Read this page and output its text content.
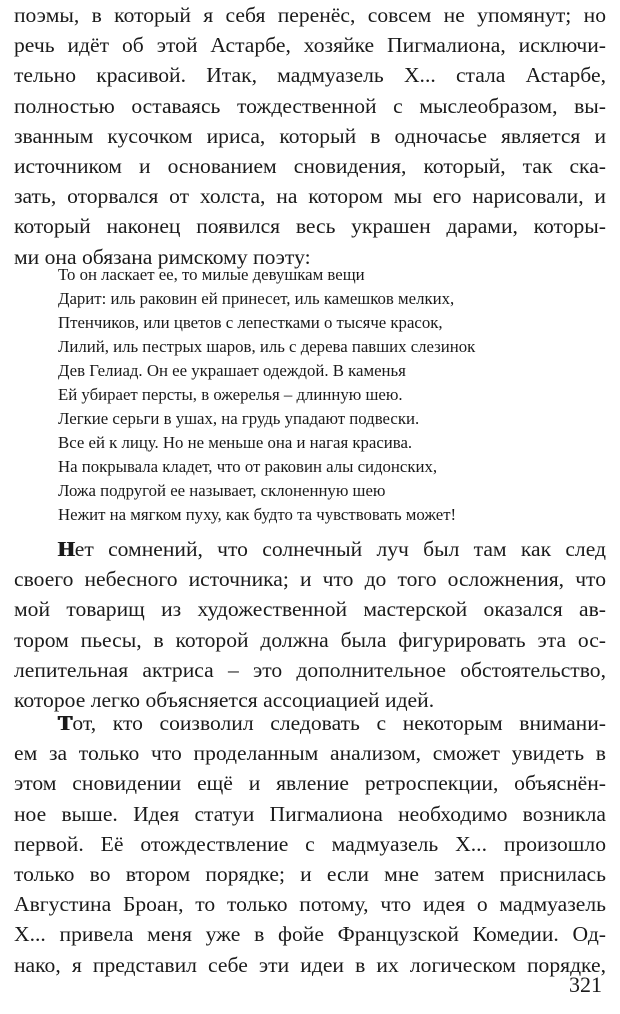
поэмы, в который я себя перенёс, совсем не упомянут; но
речь идёт об этой Астарбе, хозяйке Пигмалиона, исключи-
тельно красивой. Итак, мадмуазель Х... стала Астарбе,
полностью оставаясь тождественной с мыслеобразом, вы-
званным кусочком ириса, который в одночасье является и
источником и основанием сновидения, который, так ска-
зать, оторвался от холста, на котором мы его нарисовали, и
который наконец появился весь украшен дарами, которы-
ми она обязана римскому поэту:
То он ласкает ее, то милые девушкам вещи
Дарит: иль раковин ей принесет, иль камешков мелких,
Птенчиков, или цветов с лепестками о тысяче красок,
Лилий, иль пестрых шаров, иль с дерева павших слезинок
Дев Гелиад. Он ее украшает одеждой. В каменья
Ей убирает персты, в ожерелья – длинную шею.
Легкие серьги в ушах, на грудь упадают подвески.
Все ей к лицу. Но не меньше она и нагая красива.
На покрывала кладет, что от раковин алы сидонских,
Ложа подругой ее называет, склоненную шею
Нежит на мягком пуху, как будто та чувствовать может!
Нет сомнений, что солнечный луч был там как след
своего небесного источника; и что до того осложнения, что
мой товарищ из художественной мастерской оказался ав-
тором пьесы, в которой должна была фигурировать эта ос-
лепительная актриса – это дополнительное обстоятельство,
которое легко объясняется ассоциацией идей.
Тот, кто соизволил следовать с некоторым внимани-
ем за только что проделанным анализом, сможет увидеть в
этом сновидении ещё и явление ретроспекции, объяснён-
ное выше. Идея статуи Пигмалиона необходимо возникла
первой. Её отождествление с мадмуазель Х... произошло
только во втором порядке; и если мне затем приснилась
Августина Броан, то только потому, что идея о мадмуазель
Х... привела меня уже в фойе Французской Комедии. Од-
нако, я представил себе эти идеи в их логическом порядке,
321
